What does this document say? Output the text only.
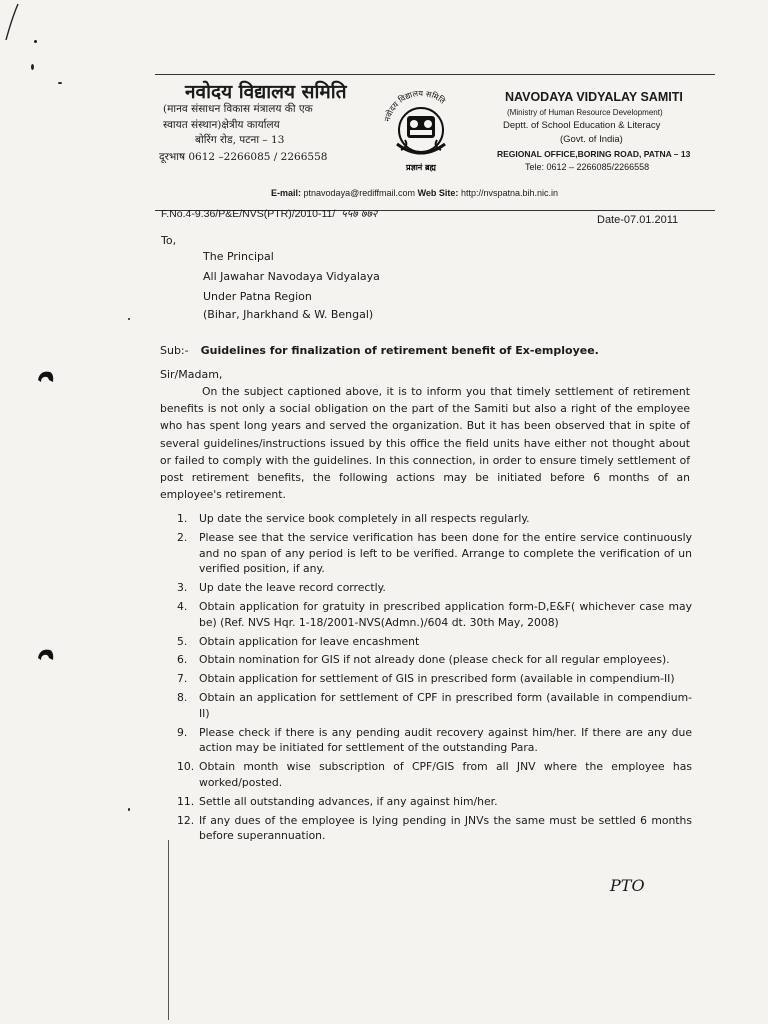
नवोदय विद्यालय समिति
(मानव संसाधन विकास मंत्रालय की एक
स्वायत संस्थान)क्षेत्रीय कार्यालय
बोरिंग रोड, पटना – 13
दूरभाष 0612 –2266085 / 2266558
नवोदय विद्यालय समिति
प्रज्ञानं ब्रह्म
NAVODAYA VIDYALAY SAMITI
(Ministry of Human Resource Development)
Deptt. of School Education & Literacy
(Govt. of India)
REGIONAL OFFICE,BORING ROAD, PATNA – 13
Tele: 0612 – 2266085/2266558
E-mail: ptnavodaya@rediffmail.com Web Site: http://nvspatna.bih.nic.in
F.No.4-9.36/P&E/NVS(PTR)/2010-11/ ५५७ ७७२	Date-07.01.2011
To,
The Principal
All Jawahar Navodaya Vidyalaya
Under Patna Region
(Bihar, Jharkhand & W. Bengal)
Sub:- Guidelines for finalization of retirement benefit of Ex-employee.
Sir/Madam,

On the subject captioned above, it is to inform you that timely settlement of retirement benefits is not only a social obligation on the part of the Samiti but also a right of the employee who has spent long years and served the organization. But it has been observed that in spite of several guidelines/instructions issued by this office the field units have either not thought about or failed to comply with the guidelines. In this connection, in order to ensure timely settlement of post retirement benefits, the following actions may be initiated before 6 months of an employee's retirement.

1.	Up date the service book completely in all respects regularly.
2.	Please see that the service verification has been done for the entire service continuously and no span of any period is left to be verified. Arrange to complete the verification of un verified position, if any.
3.	Up date the leave record correctly.
4.	Obtain application for gratuity in prescribed application form-D,E&F( whichever case may be) (Ref. NVS Hqr. 1-18/2001-NVS(Admn.)/604 dt. 30th May, 2008)
5.	Obtain application for leave encashment
6.	Obtain nomination for GIS if not already done (please check for all regular employees).
7.	Obtain application for settlement of GIS in prescribed form (available in compendium-II)
8.	Obtain an application for settlement of CPF in prescribed form (available in compendium-II)
9.	Please check if there is any pending audit recovery against him/her. If there are any due action may be initiated for settlement of the outstanding Para.
10. Obtain month wise subscription of CPF/GIS from all JNV where the employee has worked/posted.
11. Settle all outstanding advances, if any against him/her.
12. If any dues of the employee is lying pending in JNVs the same must be settled 6 months before superannuation.
PTO
